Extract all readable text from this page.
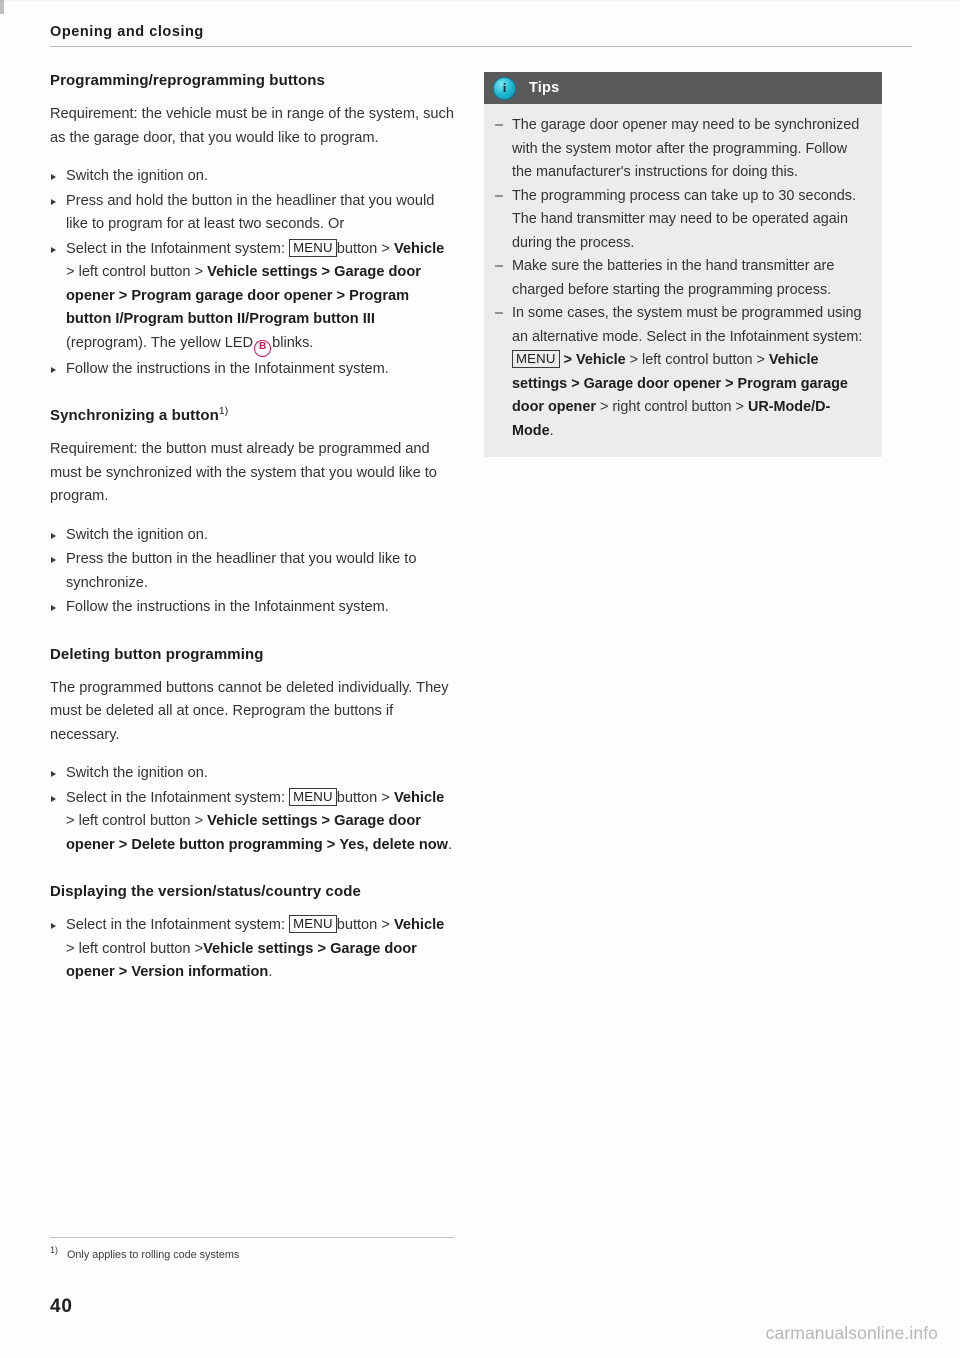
Opening and closing
Programming/reprogramming buttons

Requirement: the vehicle must be in range of the system, such as the garage door, that you would like to program.

Switch the ignition on.
Press and hold the button in the headliner that you would like to program for at least two seconds. Or
Select in the Infotainment system: MENU button > Vehicle > left control button > Vehicle settings > Garage door opener > Program garage door opener > Program button I/Program button II/Program button III (reprogram). The yellow LED B blinks.
Follow the instructions in the Infotainment system.
Synchronizing a button$^{1)}$

Requirement: the button must already be programmed and must be synchronized with the system that you would like to program.

Switch the ignition on.
Press the button in the headliner that you would like to synchronize.
Follow the instructions in the Infotainment system.
Deleting button programming

The programmed buttons cannot be deleted individually. They must be deleted all at once. Reprogram the buttons if necessary.

Switch the ignition on.
Select in the Infotainment system: MENU button > Vehicle > left control button > Vehicle settings > Garage door opener > Delete button programming > Yes, delete now.
Displaying the version/status/country code
Select in the Infotainment system: MENU button > Vehicle > left control button >Vehicle settings > Garage door opener > Version information.
i	Tips
– The garage door opener may need to be synchronized with the system motor after the programming. Follow the manufacturer's instructions for doing this.
– The programming process can take up to 30 seconds. The hand transmitter may need to be operated again during the process.
– Make sure the batteries in the hand transmitter are charged before starting the programming process.
– In some cases, the system must be programmed using an alternative mode. Select in the Infotainment system: MENU > Vehicle > left control button > Vehicle settings > Garage door opener > Program garage door opener > right control button > UR-Mode/D-Mode.
$^{1)}$ Only applies to rolling code systems
40
carmanualsonline.info
